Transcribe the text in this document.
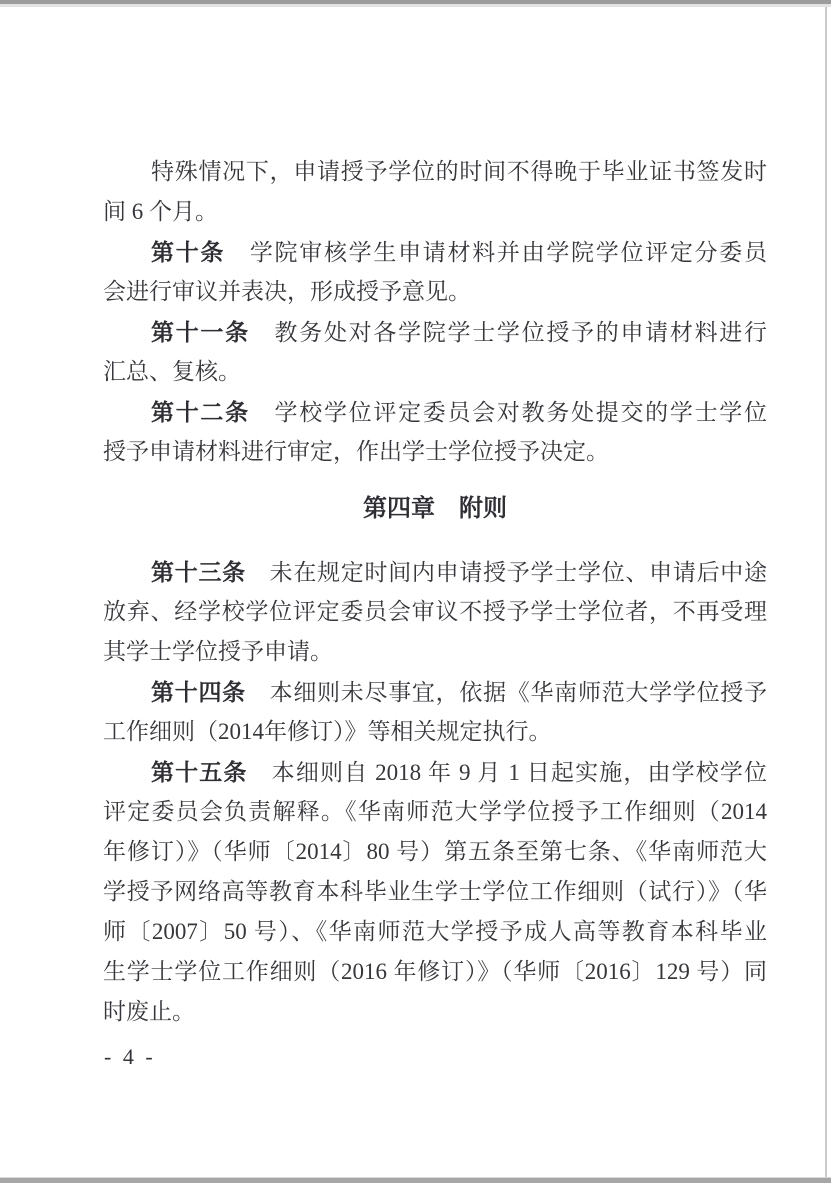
特殊情况下，申请授予学位的时间不得晚于毕业证书签发时
间 6 个月。
第十条　学院审核学生申请材料并由学院学位评定分委员
会进行审议并表决，形成授予意见。
第十一条　教务处对各学院学士学位授予的申请材料进行
汇总、复核。
第十二条　学校学位评定委员会对教务处提交的学士学位
授予申请材料进行审定，作出学士学位授予决定。
第四章　附则
第十三条　未在规定时间内申请授予学士学位、申请后中途
放弃、经学校学位评定委员会审议不授予学士学位者，不再受理
其学士学位授予申请。
第十四条　本细则未尽事宜，依据《华南师范大学学位授予
工作细则（2014年修订）》等相关规定执行。
第十五条　本细则自 2018 年 9 月 1 日起实施，由学校学位
评定委员会负责解释。《华南师范大学学位授予工作细则（2014
年修订）》（华师〔2014〕80 号）第五条至第七条、《华南师范大
学授予网络高等教育本科毕业生学士学位工作细则（试行）》（华
师〔2007〕50 号）、《华南师范大学授予成人高等教育本科毕业
生学士学位工作细则（2016 年修订）》（华师〔2016〕129 号）同
时废止。
- 4 -
